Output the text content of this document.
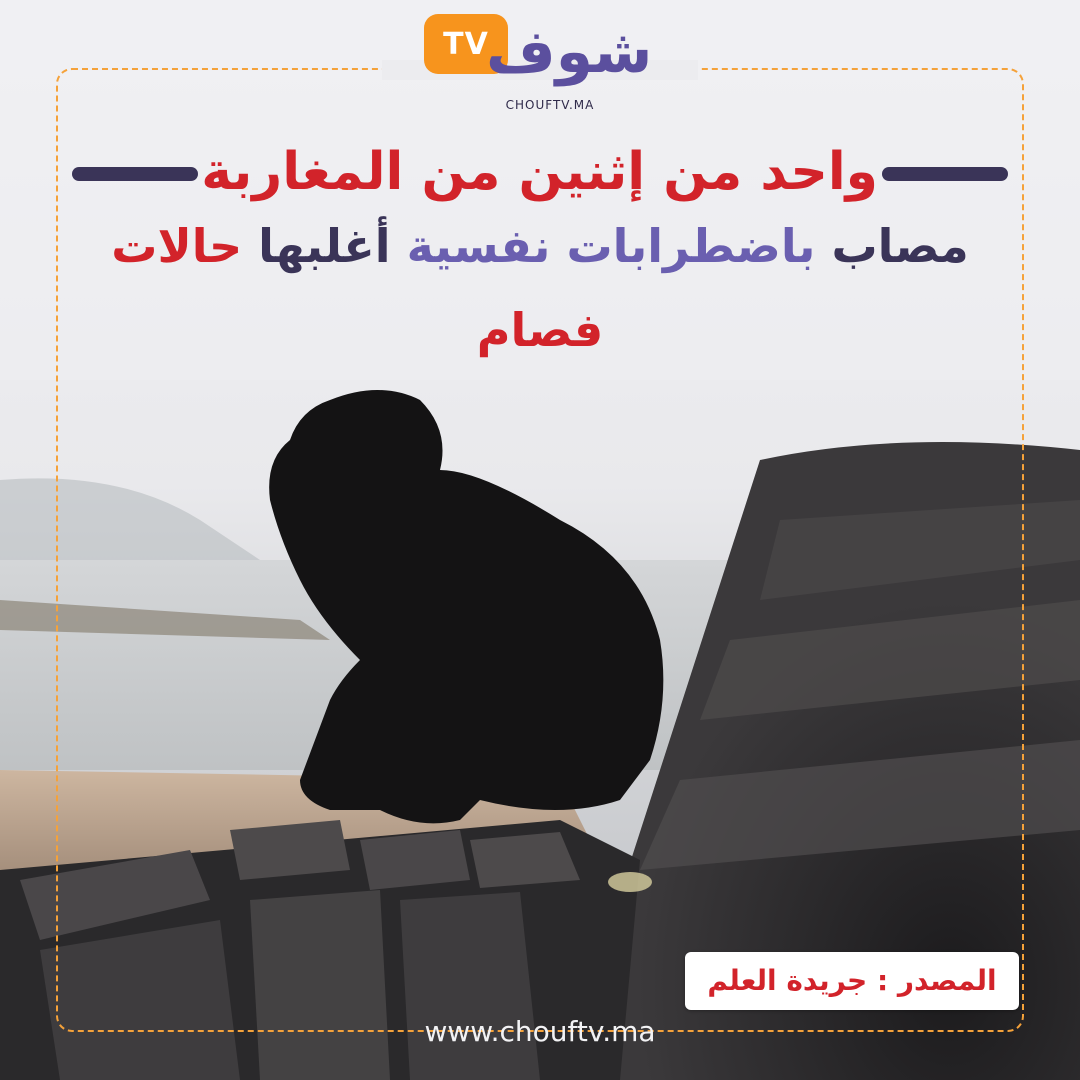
TV
شوف
CHOUFTV.MA
واحد من إثنين من المغاربة
مصاب باضطرابات نفسية أغلبها حالات
فصام
المصدر : جريدة العلم
www.chouftv.ma
